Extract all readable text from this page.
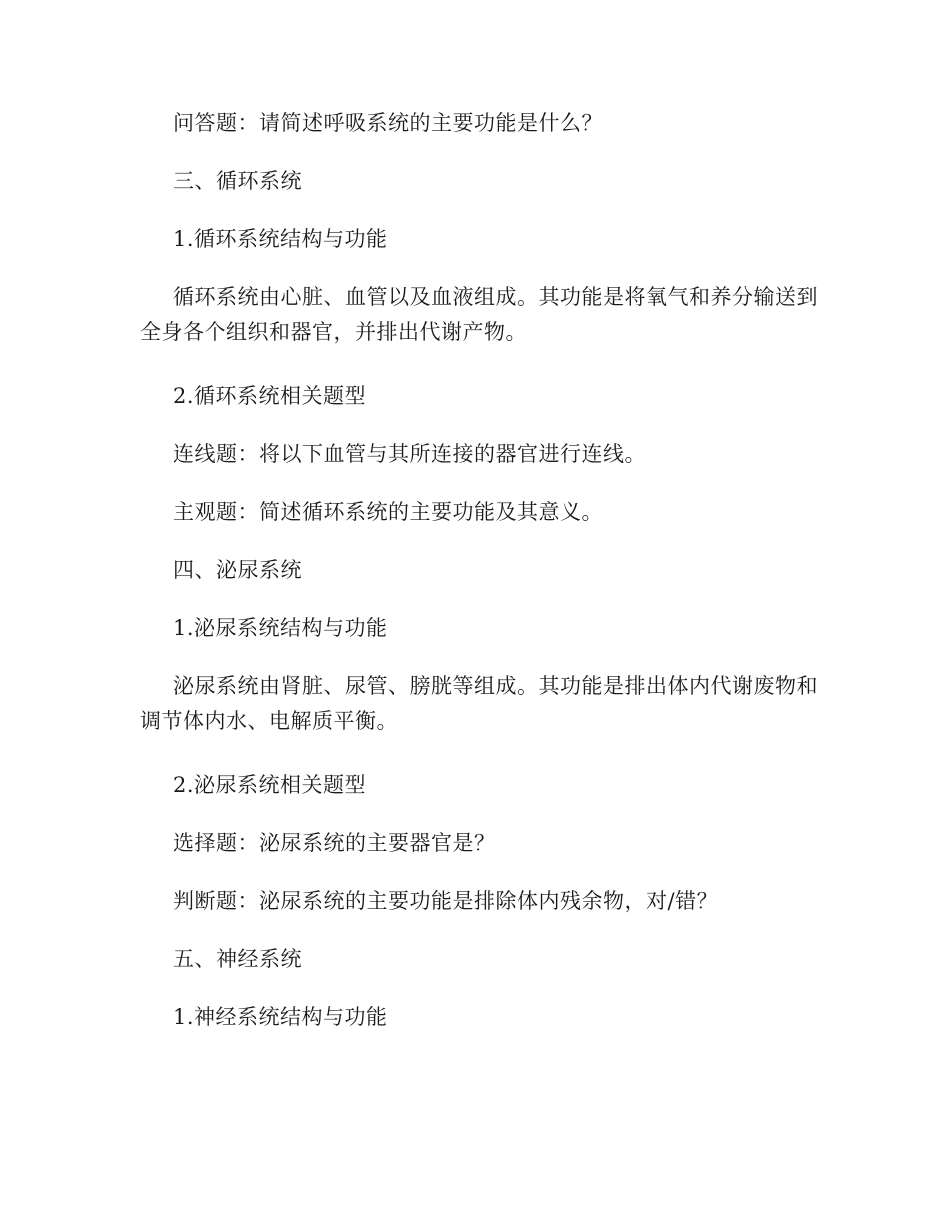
问答题：请简述呼吸系统的主要功能是什么？
三、循环系统
1.循环系统结构与功能
循环系统由心脏、血管以及血液组成。其功能是将氧气和养分输送到全身各个组织和器官，并排出代谢产物。
2.循环系统相关题型
连线题：将以下血管与其所连接的器官进行连线。
主观题：简述循环系统的主要功能及其意义。
四、泌尿系统
1.泌尿系统结构与功能
泌尿系统由肾脏、尿管、膀胱等组成。其功能是排出体内代谢废物和调节体内水、电解质平衡。
2.泌尿系统相关题型
选择题：泌尿系统的主要器官是？
判断题：泌尿系统的主要功能是排除体内残余物，对/错？
五、神经系统
1.神经系统结构与功能
